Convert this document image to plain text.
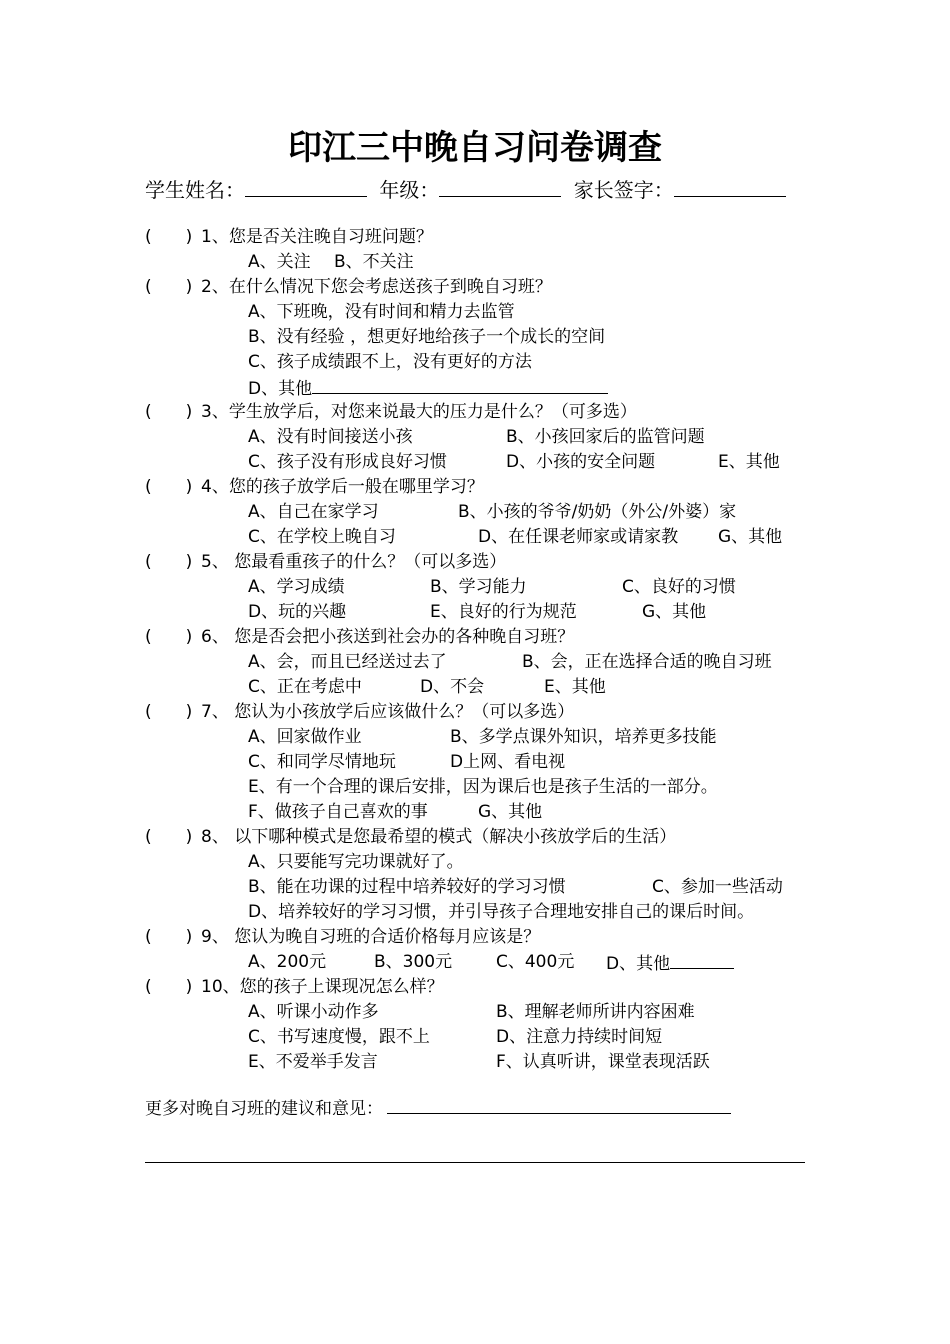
印江三中晚自习问卷调查
学生姓名：	年级：	家长签字：
(　　) 1、您是否关注晚自习班问题？
A、关注 B、不关注
(　　) 2、在什么情况下您会考虑送孩子到晚自习班？
A、下班晚，没有时间和精力去监管
B、没有经验 ，想更好地给孩子一个成长的空间
C、孩子成绩跟不上，没有更好的方法
D、其他
(　　) 3、学生放学后，对您来说最大的压力是什么？（可多选）
A、没有时间接送小孩	B、小孩回家后的监管问题
C、孩子没有形成良好习惯	D、小孩的安全问题	E、其他
(　　) 4、您的孩子放学后一般在哪里学习？
A、自己在家学习	B、小孩的爷爷/奶奶（外公/外婆）家
C、在学校上晚自习	D、在任课老师家或请家教 G、其他
(　　) 5、 您最看重孩子的什么？（可以多选）
A、学习成绩	B、学习能力	C、良好的习惯
D、玩的兴趣	E、良好的行为规范	G、其他
(　　) 6、 您是否会把小孩送到社会办的各种晚自习班？
A、会，而且已经送过去了	B、会，正在选择合适的晚自习班
C、正在考虑中	D、不会	E、其他
(　　) 7、 您认为小孩放学后应该做什么？（可以多选）
A、回家做作业	B、多学点课外知识，培养更多技能
C、和同学尽情地玩	D上网、看电视
E、有一个合理的课后安排，因为课后也是孩子生活的一部分。
F、做孩子自己喜欢的事	G、其他
(　　) 8、 以下哪种模式是您最希望的模式（解决小孩放学后的生活）
A、只要能写完功课就好了。
B、能在功课的过程中培养较好的学习习惯	C、参加一些活动
D、培养较好的学习习惯，并引导孩子合理地安排自己的课后时间。
(　　) 9、 您认为晚自习班的合适价格每月应该是？
A、200元	B、300元	C、400元 D、其他
(　　) 10、您的孩子上课现况怎么样？
A、听课小动作多	B、理解老师所讲内容困难
C、书写速度慢，跟不上	D、注意力持续时间短
E、不爱举手发言	F、认真听讲，课堂表现活跃
更多对晚自习班的建议和意见：
